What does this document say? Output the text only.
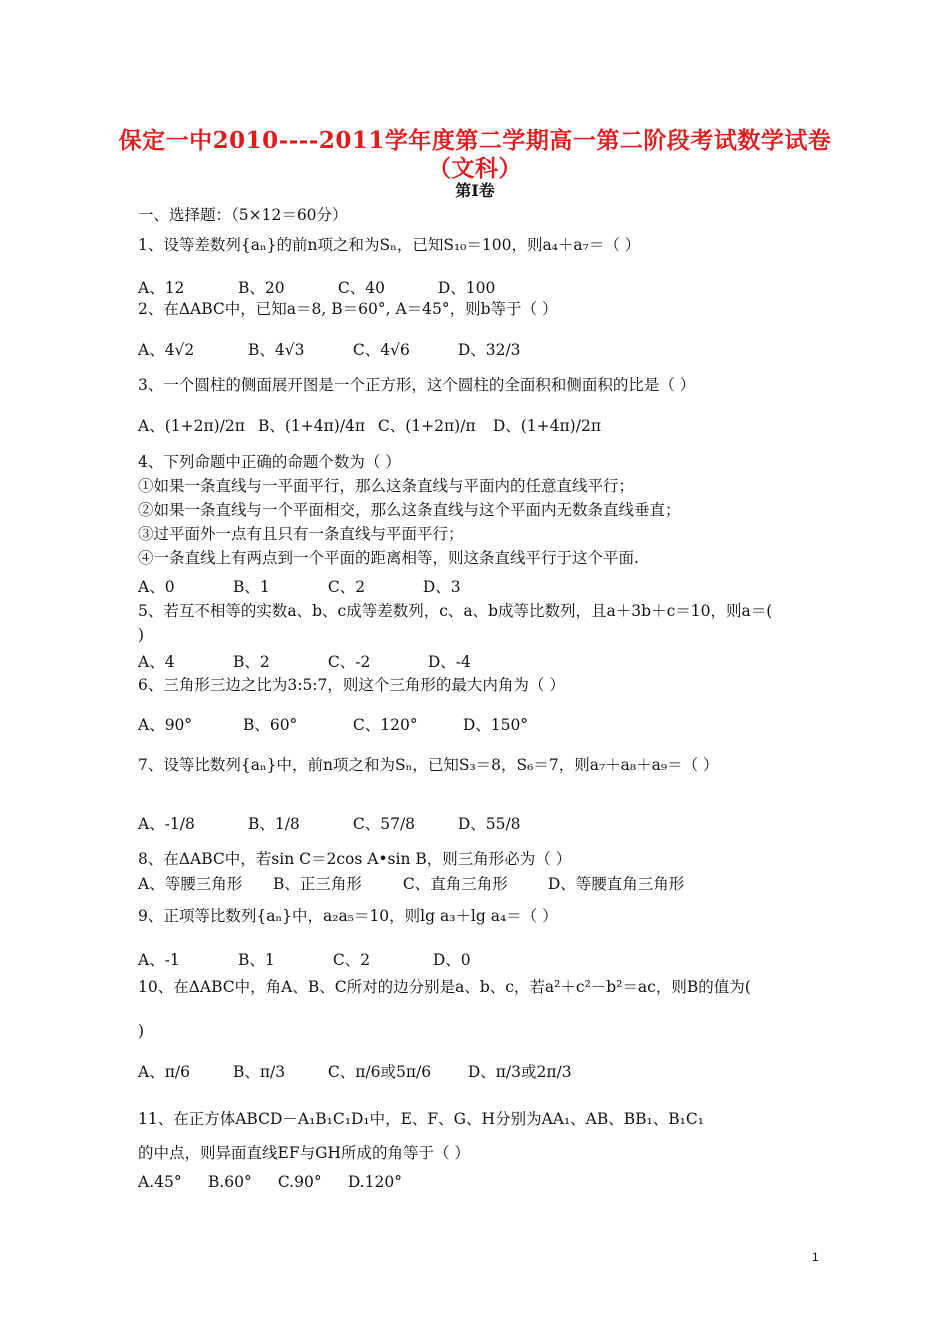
保定一中2010----2011学年度第二学期高一第二阶段考试数学试卷
（文科）
第Ⅰ卷
一、选择题：（5×12＝60分）
1、设等差数列{aₙ}的前n项之和为Sₙ，已知S₁₀＝100，则a₄＋a₇＝（ ）
A、12	B、20	C、40	D、100
2、在ΔABC中，已知a＝8, B＝60°, A＝45°，则b等于（ ）
A、4√2	B、4√3	C、4√6	D、32/3
3、一个圆柱的侧面展开图是一个正方形，这个圆柱的全面积和侧面积的比是（ ）
A、(1+2π)/2π B、(1+4π)/4π C、(1+2π)/π D、(1+4π)/2π
4、下列命题中正确的命题个数为（ ）
①如果一条直线与一平面平行，那么这条直线与平面内的任意直线平行；
②如果一条直线与一个平面相交，那么这条直线与这个平面内无数条直线垂直；
③过平面外一点有且只有一条直线与平面平行；
④一条直线上有两点到一个平面的距离相等，则这条直线平行于这个平面.
A、0	B、1	C、2	D、3
5、若互不相等的实数a、b、c成等差数列，c、a、b成等比数列，且a＋3b＋c＝10，则a＝(
)
A、4	B、2	C、-2	D、-4
6、三角形三边之比为3:5:7，则这个三角形的最大内角为（ ）
A、90°	B、60°	C、120°	D、150°
7、设等比数列{aₙ}中，前n项之和为Sₙ，已知S₃＝8，S₆＝7，则a₇＋a₈＋a₉＝（ ）
A、-1/8	B、1/8	C、57/8	D、55/8
8、在ΔABC中，若sin C＝2cos A•sin B，则三角形必为（ ）
A、等腰三角形 B、正三角形	C、直角三角形	D、等腰直角三角形
9、正项等比数列{aₙ}中，a₂a₅＝10，则lg a₃＋lg a₄＝（ ）
A、-1	B、1	C、2	D、0
10、在ΔABC中，角A、B、C所对的边分别是a、b、c，若a²＋c²－b²＝ac，则B的值为(
)
A、π/6	B、π/3	C、π/6或5π/6 D、π/3或2π/3
11、在正方体ABCD－A₁B₁C₁D₁中，E、F、G、H分别为AA₁、AB、BB₁、B₁C₁
的中点，则异面直线EF与GH所成的角等于（ ）
A.45° B.60° C.90° D.120°
1
